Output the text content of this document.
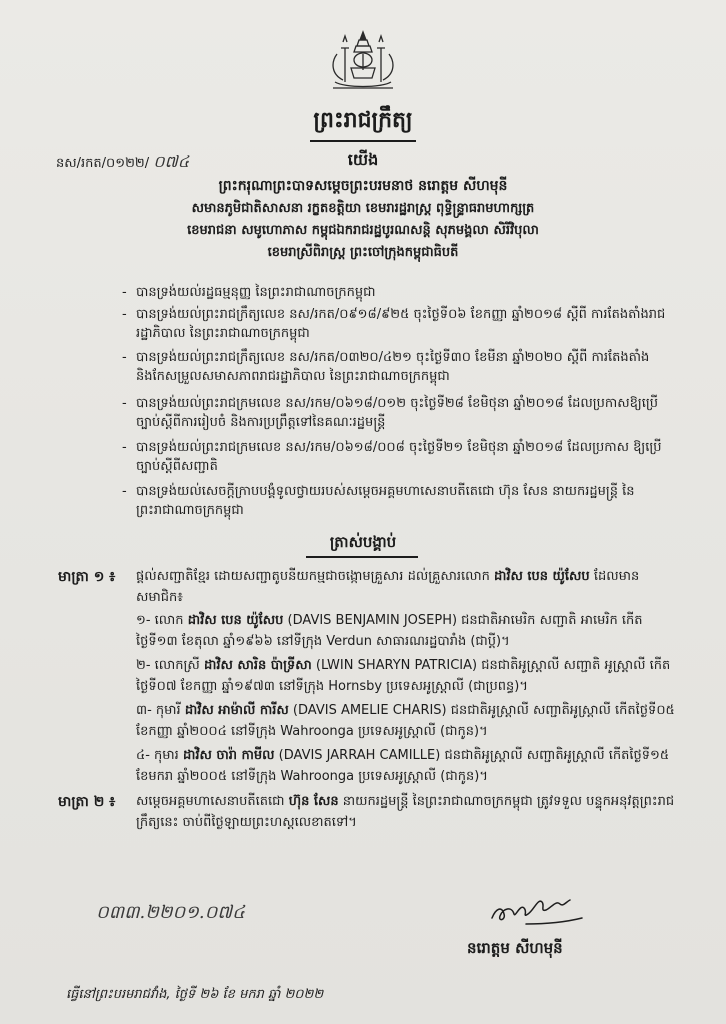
ព្រះរាជក្រឹត្យ
នស/រកត/០១២២/ ០៧៤	យើង
ព្រះករុណាព្រះបាទសម្តេចព្រះបរមនាថ នរោត្តម សីហមុនី
សមានភូមិជាតិសាសនា រក្ខតខត្តិយា ខេមរារដ្ឋរាស្ត្រ ពុទ្ធិន្ទ្រាធរាមហាក្សត្រ
ខេមរាជនា សមូហោភាស កម្ពុជឯករាជរដ្ឋបូរណសន្តិ សុភមង្គលា សិរីវិបុលា
ខេមរាស្រីពិរាស្ត្រ ព្រះចៅក្រុងកម្ពុជាធិបតី
- បានទ្រង់យល់រដ្ឋធម្មនុញ្ញ នៃព្រះរាជាណាចក្រកម្ពុជា
- បានទ្រង់យល់ព្រះរាជក្រឹត្យលេខ នស/រកត/០៩១៨/៩២៥ ចុះថ្ងៃទី០៦ ខែកញ្ញា ឆ្នាំ២០១៨ ស្តីពី ការតែងតាំងរាជរដ្ឋាភិបាល នៃព្រះរាជាណាចក្រកម្ពុជា
- បានទ្រង់យល់ព្រះរាជក្រឹត្យលេខ នស/រកត/០៣២០/៤២១ ចុះថ្ងៃទី៣០ ខែមីនា ឆ្នាំ២០២០ ស្តីពី ការតែងតាំងនិងកែសម្រួលសមាសភាពរាជរដ្ឋាភិបាល នៃព្រះរាជាណាចក្រកម្ពុជា
- បានទ្រង់យល់ព្រះរាជក្រមលេខ នស/រកម/០៦១៨/០១២ ចុះថ្ងៃទី២៨ ខែមិថុនា ឆ្នាំ២០១៨ ដែលប្រកាសឱ្យប្រើច្បាប់ស្តីពីការរៀបចំ និងការប្រព្រឹត្តទៅនៃគណៈរដ្ឋមន្ត្រី
- បានទ្រង់យល់ព្រះរាជក្រមលេខ នស/រកម/០៦១៨/០០៨ ចុះថ្ងៃទី២១ ខែមិថុនា ឆ្នាំ២០១៨ ដែលប្រកាស ឱ្យប្រើច្បាប់ស្តីពីសញ្ជាតិ
- បានទ្រង់យល់សេចក្តីក្រាបបង្គំទូលថ្វាយរបស់សម្តេចអគ្គមហាសេនាបតីតេជោ ហ៊ុន សែន នាយករដ្ឋមន្ត្រី នៃព្រះរាជាណាចក្រកម្ពុជា
ត្រាស់បង្គាប់
មាត្រា ១ ៖ ផ្តល់សញ្ជាតិខ្មែរ ដោយសញ្ជាតូបនីយកម្មជាចង្កោមគ្រួសារ ដល់គ្រួសារលោក ដាវិស បេន យ៉ូសែប ដែលមានសមាជិក៖
១- លោក ដាវិស បេន យ៉ូសែប (DAVIS BENJAMIN JOSEPH) ជនជាតិអាមេរិក សញ្ជាតិ អាមេរិក កើតថ្ងៃទី១៣ ខែតុលា ឆ្នាំ១៩៦៦ នៅទីក្រុង Verdun សាធារណរដ្ឋបារាំង (ជាប្តី)។
២- លោកស្រី ដាវិស សារិន ប៉ាទ្រីសា (LWIN SHARYN PATRICIA) ជនជាតិអូស្ត្រាលី សញ្ជាតិ អូស្ត្រាលី កើតថ្ងៃទី០៧ ខែកញ្ញា ឆ្នាំ១៩៧៣ នៅទីក្រុង Hornsby ប្រទេសអូស្ត្រាលី (ជាប្រពន្ធ)។
៣- កុមារី ដាវិស អាម៉ាលី ការីស (DAVIS AMELIE CHARIS) ជនជាតិអូស្ត្រាលី សញ្ជាតិអូស្ត្រាលី កើតថ្ងៃទី០៥ ខែកញ្ញា ឆ្នាំ២០០៤ នៅទីក្រុង Wahroonga ប្រទេសអូស្ត្រាលី (ជាកូន)។
៤- កុមារ ដាវិស ចារ៉ា កាមីល (DAVIS JARRAH CAMILLE) ជនជាតិអូស្ត្រាលី សញ្ជាតិអូស្ត្រាលី កើតថ្ងៃទី១៥ ខែមករា ឆ្នាំ២០០៥ នៅទីក្រុង Wahroonga ប្រទេសអូស្ត្រាលី (ជាកូន)។
មាត្រា ២ ៖ សម្តេចអគ្គមហាសេនាបតីតេជោ ហ៊ុន សែន នាយករដ្ឋមន្ត្រី នៃព្រះរាជាណាចក្រកម្ពុជា ត្រូវទទួល បន្ទុកអនុវត្តព្រះរាជក្រឹត្យនេះ ចាប់ពីថ្ងៃឡាយព្រះហស្តលេខាតទៅ។
០៣៣.២២០១.០៧៤
នរោត្តម សីហមុនី
ធ្វើនៅព្រះបរមរាជវាំង, ថ្ងៃទី ២៦ ខែ មករា ឆ្នាំ ២០២២
